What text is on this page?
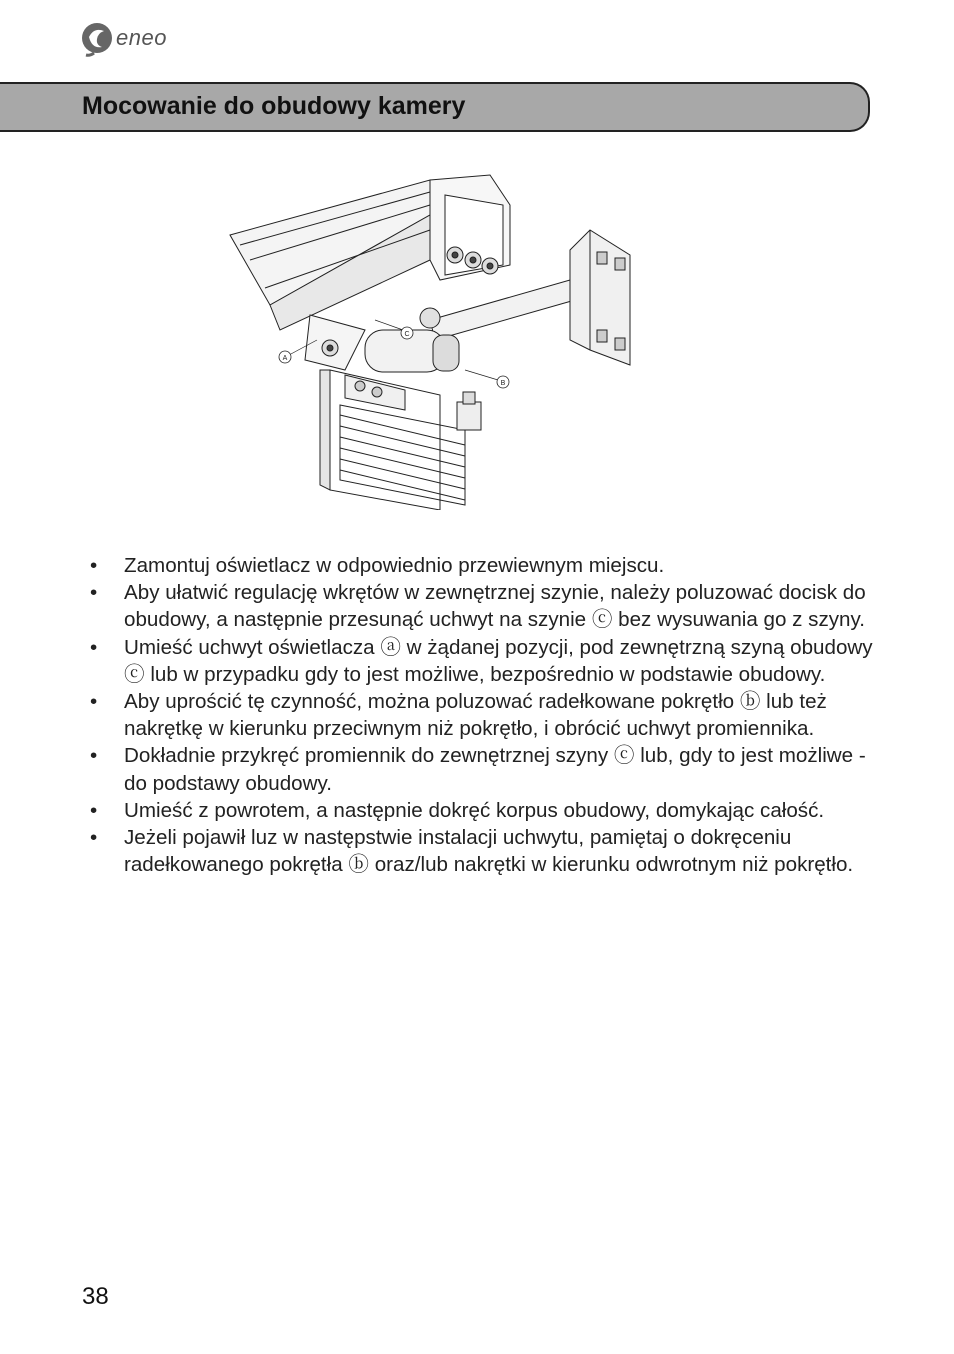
eneo
Mocowanie do obudowy kamery
A
B
C
• Zamontuj oświetlacz w odpowiednio przewiewnym miejscu.
• Aby ułatwić regulację wkrętów w zewnętrznej szynie, należy poluzować docisk do obudowy, a następnie przesunąć uchwyt na szynie ⓒ bez wysuwania go z szyny.
• Umieść uchwyt oświetlacza ⓐ w żądanej pozycji, pod zewnętrzną szyną obudowy ⓒ lub w przypadku gdy to jest możliwe, bezpośrednio w podstawie obudowy.
• Aby uprościć tę czynność, można poluzować radełkowane pokrętło ⓑ lub też nakrętkę w kierunku przeciwnym niż pokrętło, i obrócić uchwyt promiennika.
• Dokładnie przykręć promiennik do zewnętrznej szyny ⓒ lub, gdy to jest możliwe - do podstawy obudowy.
• Umieść z powrotem, a następnie dokręć korpus obudowy, domykając całość.
• Jeżeli pojawił luz w następstwie instalacji uchwytu, pamiętaj o dokręceniu radełkowanego pokrętła ⓑ oraz/lub nakrętki w kierunku odwrotnym niż pokrętło.
38
